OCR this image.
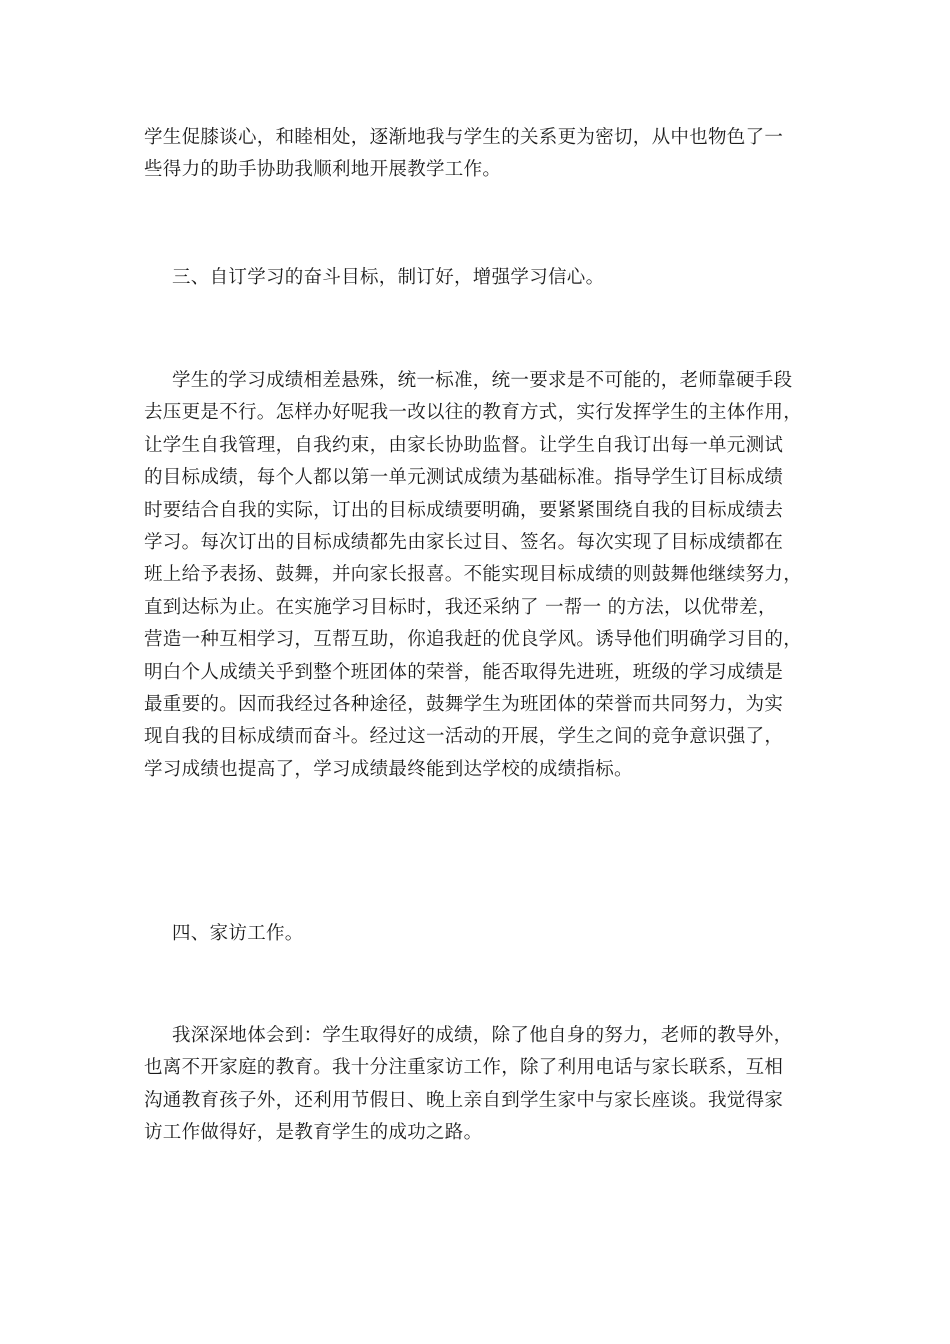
学生促膝谈心，和睦相处，逐渐地我与学生的关系更为密切，从中也物色了一
些得力的助手协助我顺利地开展教学工作。
三、自订学习的奋斗目标，制订好，增强学习信心。
学生的学习成绩相差悬殊，统一标准，统一要求是不可能的，老师靠硬手段
去压更是不行。怎样办好呢我一改以往的教育方式，实行发挥学生的主体作用，
让学生自我管理，自我约束，由家长协助监督。让学生自我订出每一单元测试
的目标成绩，每个人都以第一单元测试成绩为基础标准。指导学生订目标成绩
时要结合自我的实际，订出的目标成绩要明确，要紧紧围绕自我的目标成绩去
学习。每次订出的目标成绩都先由家长过目、签名。每次实现了目标成绩都在
班上给予表扬、鼓舞，并向家长报喜。不能实现目标成绩的则鼓舞他继续努力，
直到达标为止。在实施学习目标时，我还采纳了 一帮一 的方法，以优带差，
营造一种互相学习，互帮互助，你追我赶的优良学风。诱导他们明确学习目的，
明白个人成绩关乎到整个班团体的荣誉，能否取得先进班，班级的学习成绩是
最重要的。因而我经过各种途径，鼓舞学生为班团体的荣誉而共同努力，为实
现自我的目标成绩而奋斗。经过这一活动的开展，学生之间的竞争意识强了，
学习成绩也提高了，学习成绩最终能到达学校的成绩指标。
四、家访工作。
我深深地体会到：学生取得好的成绩，除了他自身的努力，老师的教导外，
也离不开家庭的教育。我十分注重家访工作，除了利用电话与家长联系，互相
沟通教育孩子外，还利用节假日、晚上亲自到学生家中与家长座谈。我觉得家
访工作做得好，是教育学生的成功之路。
